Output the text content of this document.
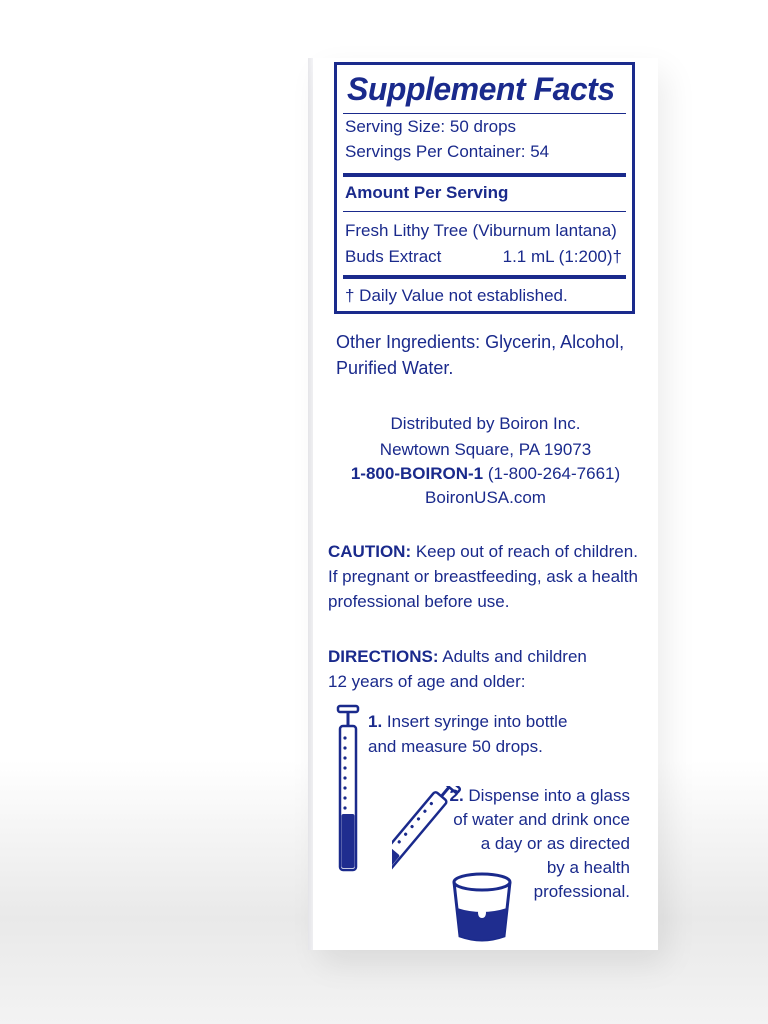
Supplement Facts
Serving Size: 50 drops
Servings Per Container: 54
Amount Per Serving
Fresh Lithy Tree (Viburnum lantana)
Buds Extract	1.1 mL (1:200)†
† Daily Value not established.
Other Ingredients: Glycerin, Alcohol,
Purified Water.
Distributed by Boiron Inc.
Newtown Square, PA 19073
1-800-BOIRON-1 (1-800-264-7661)
BoironUSA.com
CAUTION: Keep out of reach of children.
If pregnant or breastfeeding, ask a health
professional before use.
DIRECTIONS: Adults and children
12 years of age and older:
1. Insert syringe into bottle
and measure 50 drops.
2. Dispense into a glass
of water and drink once
a day or as directed
by a health
professional.
